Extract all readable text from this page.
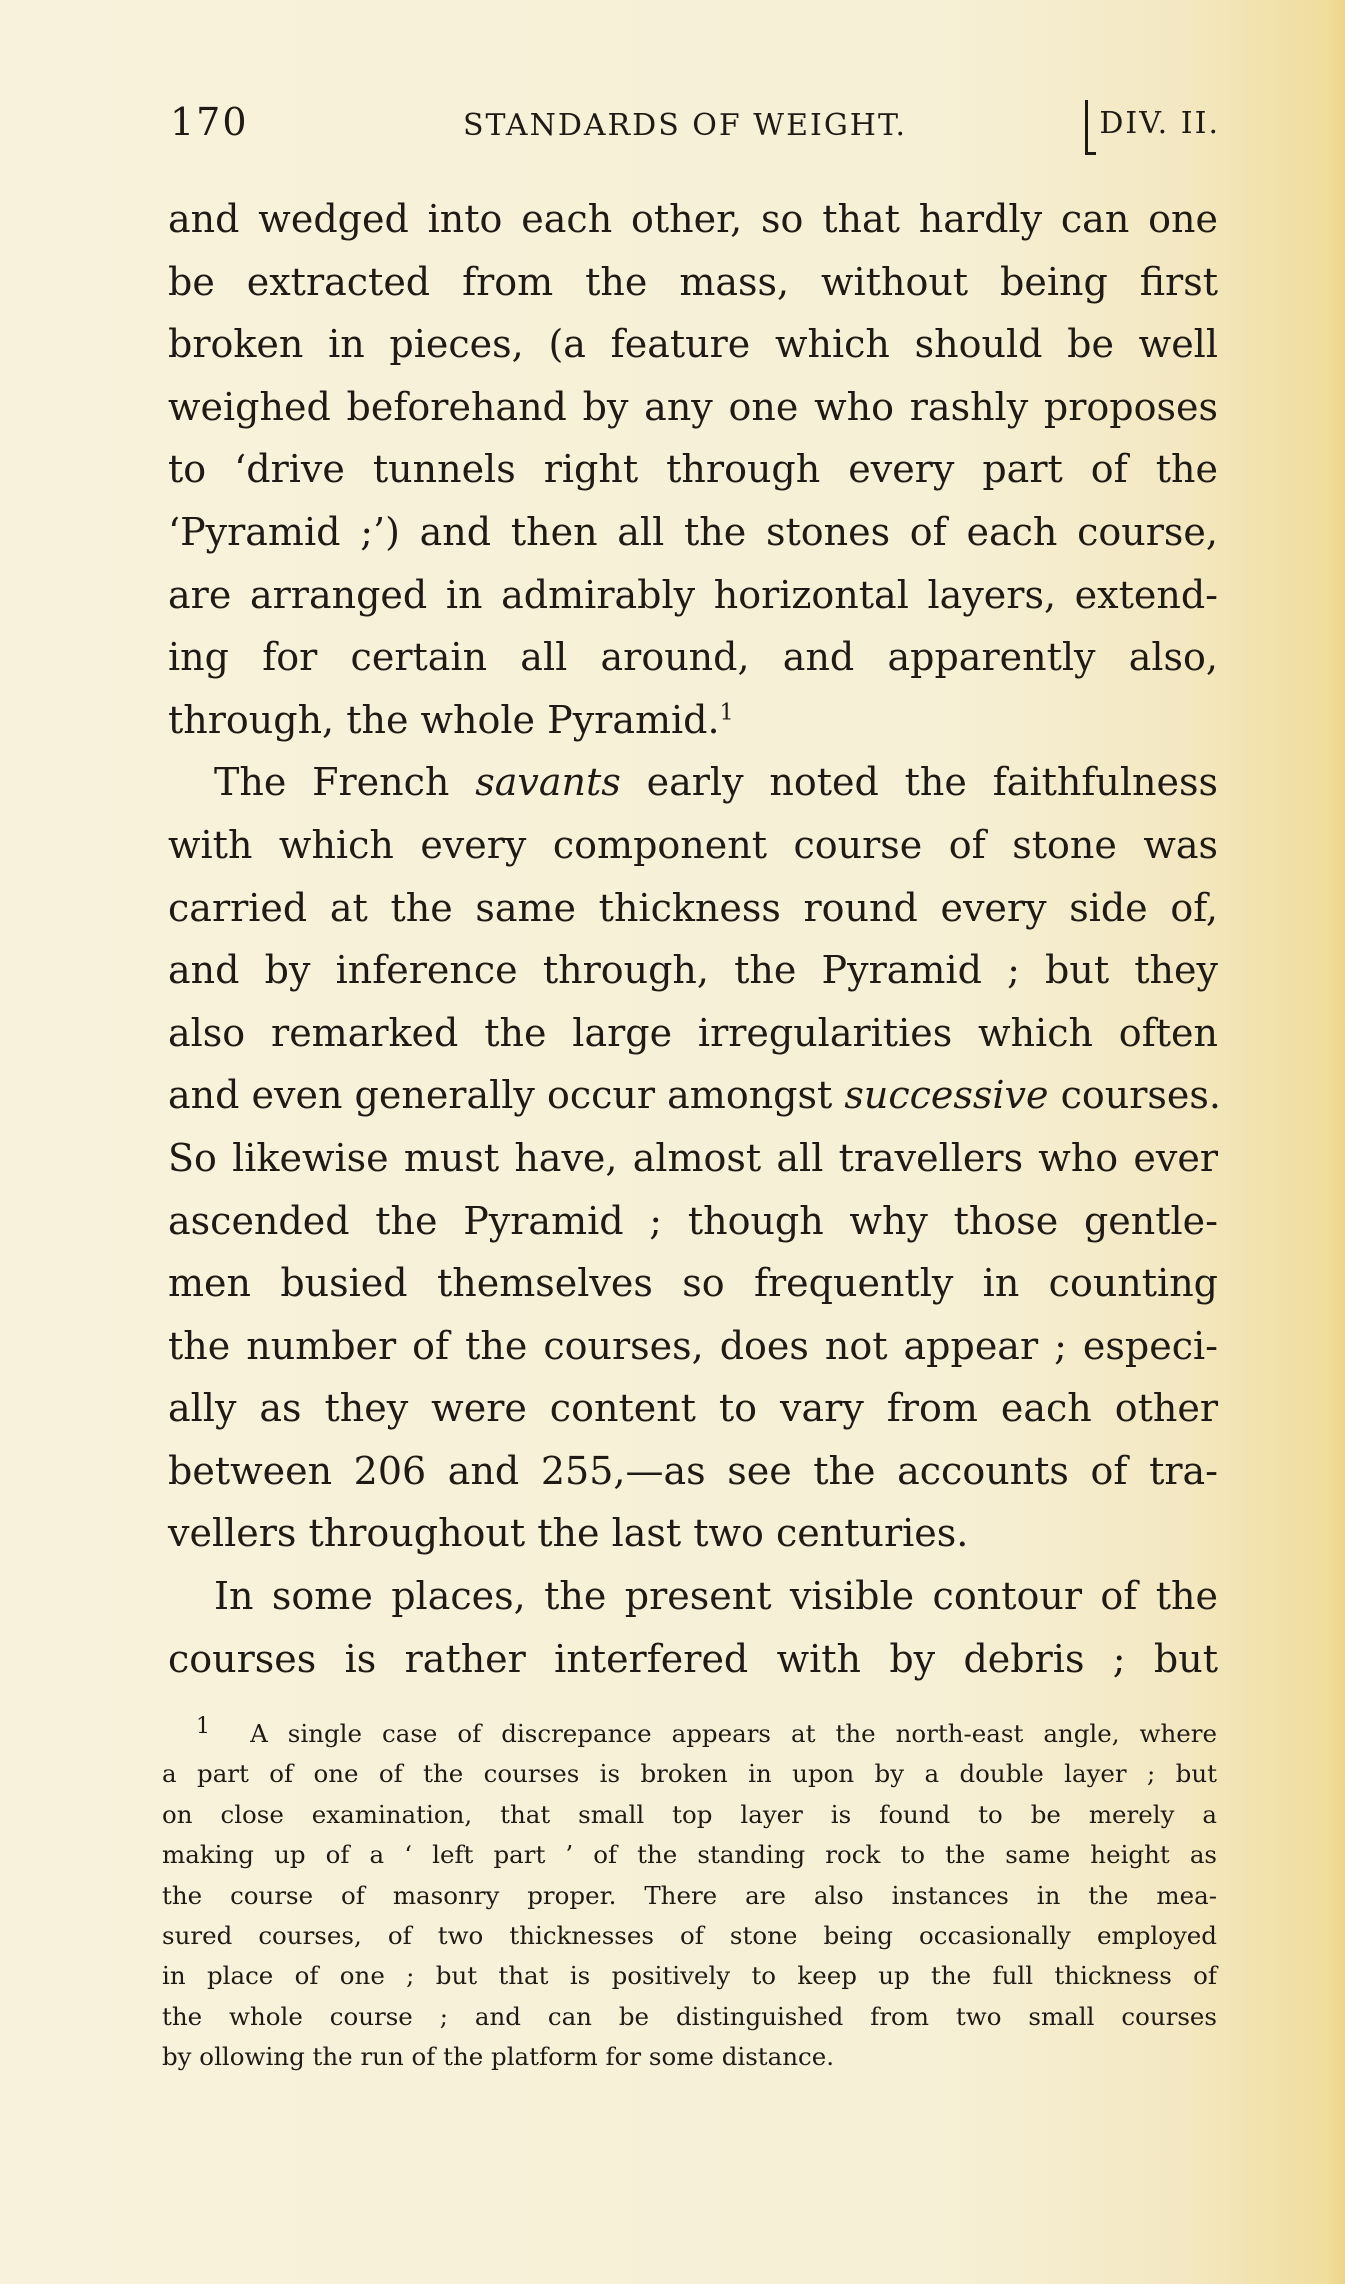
170	STANDARDS OF WEIGHT.	DIV. II.
and wedged into each other, so that hardly can one
be extracted from the mass, without being first
broken in pieces, (a feature which should be well
weighed beforehand by any one who rashly proposes
to ‘drive tunnels right through every part of the
‘Pyramid ;’) and then all the stones of each course,
are arranged in admirably horizontal layers, extend-
ing for certain all around, and apparently also,
through, the whole Pyramid.$^1$
The French savants early noted the faithfulness
with which every component course of stone was
carried at the same thickness round every side of,
and by inference through, the Pyramid ; but they
also remarked the large irregularities which often
and even generally occur amongst successive courses.
So likewise must have, almost all travellers who ever
ascended the Pyramid ; though why those gentle-
men busied themselves so frequently in counting
the number of the courses, does not appear ; especi-
ally as they were content to vary from each other
between 206 and 255,—as see the accounts of tra-
vellers throughout the last two centuries.
In some places, the present visible contour of the
courses is rather interfered with by debris ; but
$^1$ A single case of discrepance appears at the north-east angle, where
a part of one of the courses is broken in upon by a double layer ; but
on close examination, that small top layer is found to be merely a
making up of a ‘ left part ’ of the standing rock to the same height as
the course of masonry proper. There are also instances in the mea-
sured courses, of two thicknesses of stone being occasionally employed
in place of one ; but that is positively to keep up the full thickness of
the whole course ; and can be distinguished from two small courses
by ollowing the run of the platform for some distance.
